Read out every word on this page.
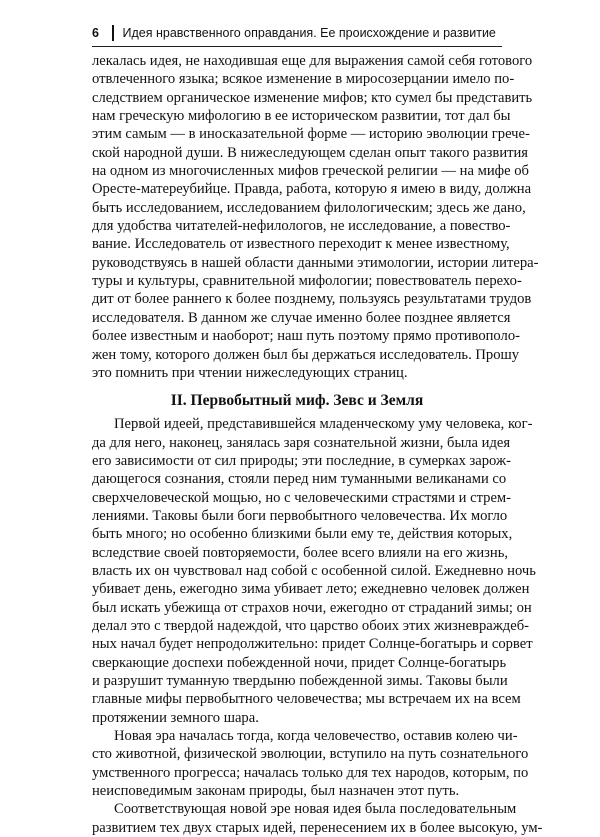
6	Идея нравственного оправдания. Ее происхождение и развитие
лекалась идея, не находившая еще для выражения самой себя готового
отвлеченного языка; всякое изменение в миросозерцании имело по-
следствием органическое изменение мифов; кто сумел бы представить
нам греческую мифологию в ее историческом развитии, тот дал бы
этим самым — в иносказательной форме — историю эволюции грече-
ской народной души. В нижеследующем сделан опыт такого развития
на одном из многочисленных мифов греческой религии — на мифе об
Оресте-матереубийце. Правда, работа, которую я имею в виду, должна
быть исследованием, исследованием филологическим; здесь же дано,
для удобства читателей-нефилологов, не исследование, а повество-
вание. Исследователь от известного переходит к менее известному,
руководствуясь в нашей области данными этимологии, истории литера-
туры и культуры, сравнительной мифологии; повествователь перехо-
дит от более раннего к более позднему, пользуясь результатами трудов
исследователя. В данном же случае именно более позднее является
более известным и наоборот; наш путь поэтому прямо противополо-
жен тому, которого должен был бы держаться исследователь. Прошу
это помнить при чтении нижеследующих страниц.
II. Первобытный миф. Зевс и Земля
Первой идеей, представившейся младенческому уму человека, ког-
да для него, наконец, занялась заря сознательной жизни, была идея
его зависимости от сил природы; эти последние, в сумерках зарож-
дающегося сознания, стояли перед ним туманными великанами со
сверхчеловеческой мощью, но с человеческими страстями и стрем-
лениями. Таковы были боги первобытного человечества. Их могло
быть много; но особенно близкими были ему те, действия которых,
вследствие своей повторяемости, более всего влияли на его жизнь,
власть их он чувствовал над собой с особенной силой. Ежедневно ночь
убивает день, ежегодно зима убивает лето; ежедневно человек должен
был искать убежища от страхов ночи, ежегодно от страданий зимы; он
делал это с твердой надеждой, что царство обоих этих жизневраждеб-
ных начал будет непродолжительно: придет Солнце-богатырь и сорвет
сверкающие доспехи побежденной ночи, придет Солнце-богатырь
и разрушит туманную твердыню побежденной зимы. Таковы были
главные мифы первобытного человечества; мы встречаем их на всем
протяжении земного шара.
Новая эра началась тогда, когда человечество, оставив колею чи-
сто животной, физической эволюции, вступило на путь сознательного
умственного прогресса; началась только для тех народов, которым, по
неисповедимым законам природы, был назначен этот путь.
Соответствующая новой эре новая идея была последовательным
развитием тех двух старых идей, перенесением их в более высокую, ум-
